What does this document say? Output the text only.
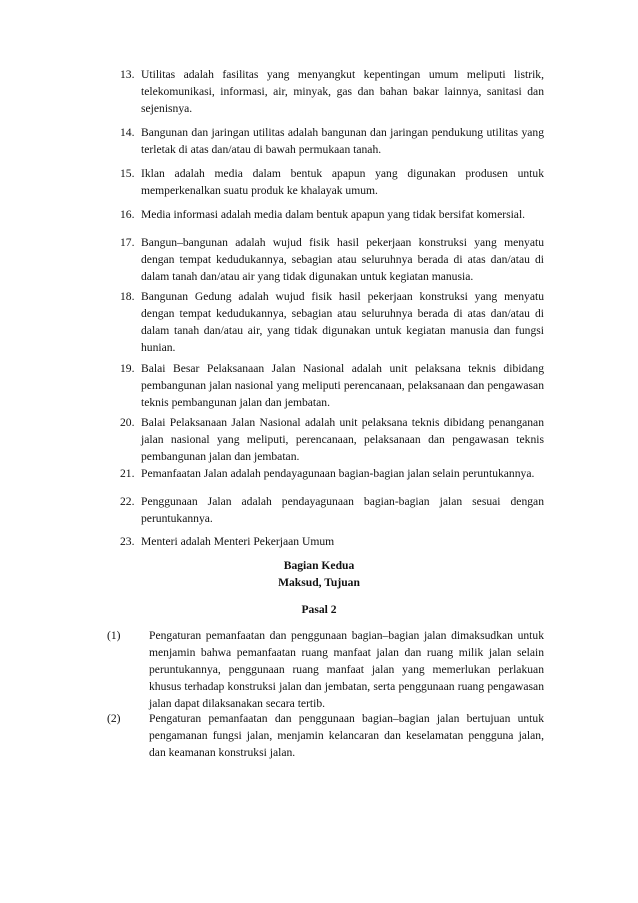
13. Utilitas adalah fasilitas yang menyangkut kepentingan umum meliputi listrik, telekomunikasi, informasi, air, minyak, gas dan bahan bakar lainnya, sanitasi dan sejenisnya.
14. Bangunan dan jaringan utilitas adalah bangunan dan jaringan pendukung utilitas yang terletak di atas dan/atau di bawah permukaan tanah.
15. Iklan adalah media dalam bentuk apapun yang digunakan produsen untuk memperkenalkan suatu produk ke khalayak umum.
16. Media informasi adalah media dalam bentuk apapun yang tidak bersifat komersial.
17. Bangun–bangunan adalah wujud fisik hasil pekerjaan konstruksi yang menyatu dengan tempat kedudukannya, sebagian atau seluruhnya berada di atas dan/atau di dalam tanah dan/atau air yang tidak digunakan untuk kegiatan manusia.
18. Bangunan Gedung adalah wujud fisik hasil pekerjaan konstruksi yang menyatu dengan tempat kedudukannya, sebagian atau seluruhnya berada di atas dan/atau di dalam tanah dan/atau air, yang tidak digunakan untuk kegiatan manusia dan fungsi hunian.
19. Balai Besar Pelaksanaan Jalan Nasional adalah unit pelaksana teknis dibidang pembangunan jalan nasional yang meliputi perencanaan, pelaksanaan dan pengawasan teknis pembangunan jalan dan jembatan.
20. Balai Pelaksanaan Jalan Nasional adalah unit pelaksana teknis dibidang penanganan jalan nasional yang meliputi, perencanaan, pelaksanaan dan pengawasan teknis pembangunan jalan dan jembatan.
21. Pemanfaatan Jalan adalah pendayagunaan bagian-bagian jalan selain peruntukannya.
22. Penggunaan Jalan adalah pendayagunaan bagian-bagian jalan sesuai dengan peruntukannya.
23. Menteri adalah Menteri Pekerjaan Umum
Bagian Kedua
Maksud, Tujuan
Pasal 2
(1) Pengaturan pemanfaatan dan penggunaan bagian–bagian jalan dimaksudkan untuk menjamin bahwa pemanfaatan ruang manfaat jalan dan ruang milik jalan selain peruntukannya, penggunaan ruang manfaat jalan yang memerlukan perlakuan khusus terhadap konstruksi jalan dan jembatan, serta penggunaan ruang pengawasan jalan dapat dilaksanakan secara tertib.
(2) Pengaturan pemanfaatan dan penggunaan bagian–bagian jalan bertujuan untuk pengamanan fungsi jalan, menjamin kelancaran dan keselamatan pengguna jalan, dan keamanan konstruksi jalan.
